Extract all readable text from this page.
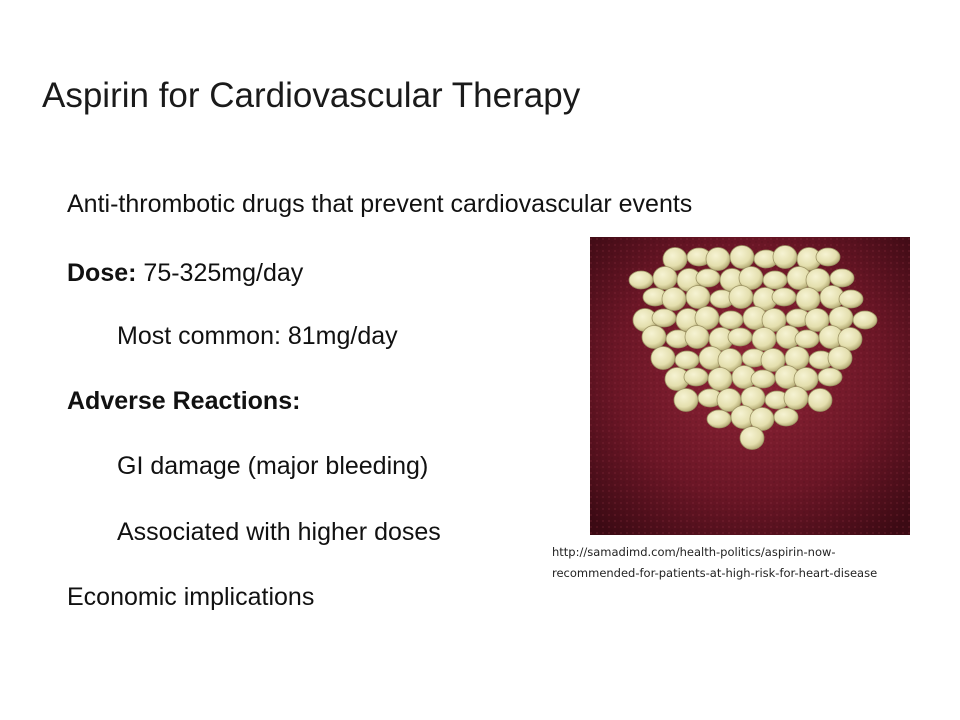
Aspirin for Cardiovascular Therapy
Anti-thrombotic drugs that prevent cardiovascular events
Dose: 75-325mg/day
Most common: 81mg/day
Adverse Reactions:
GI damage (major bleeding)
Associated with higher doses
Economic implications
http://samadimd.com/health-politics/aspirin-now-
recommended-for-patients-at-high-risk-for-heart-disease
